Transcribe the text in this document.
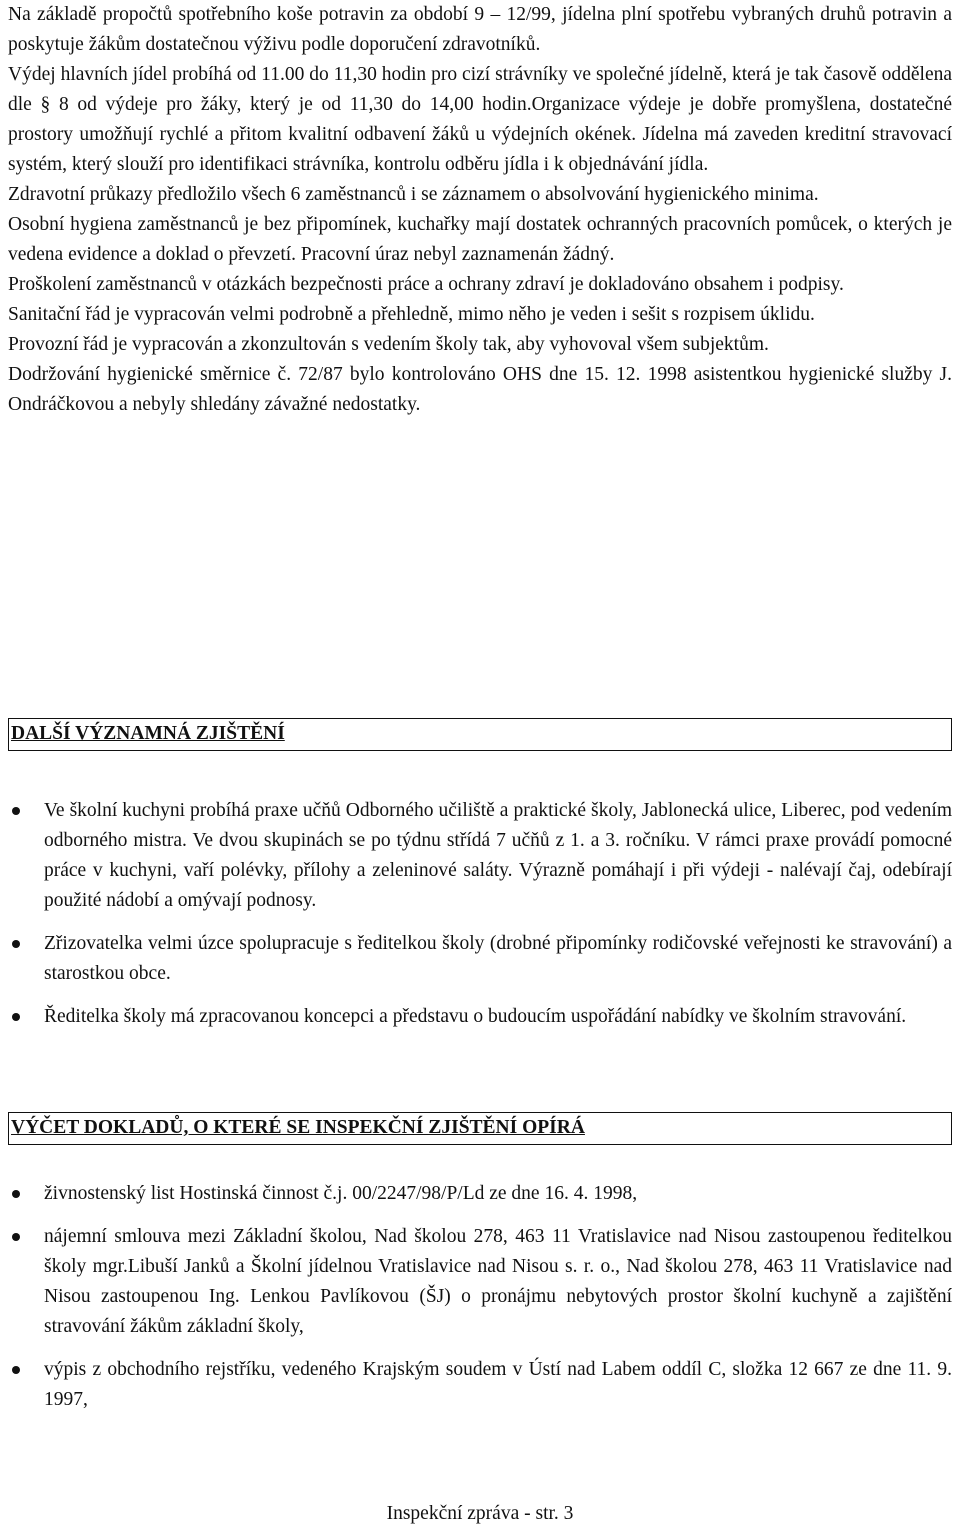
Na základě propočtů spotřebního koše potravin za období 9 – 12/99, jídelna plní spotřebu vybraných druhů potravin a poskytuje žákům dostatečnou výživu podle doporučení zdravotníků.

Výdej hlavních jídel probíhá od 11.00 do 11,30 hodin pro cizí strávníky ve společné jídelně, která je tak časově oddělena dle § 8 od výdeje pro žáky, který je od 11,30 do 14,00 hodin.Organizace výdeje je dobře promyšlena, dostatečné prostory umožňují rychlé a přitom kvalitní odbavení žáků u výdejních okének. Jídelna má zaveden kreditní stravovací systém, který slouží pro identifikaci strávníka, kontrolu odběru jídla i k objednávání jídla.

Zdravotní průkazy předložilo všech 6 zaměstnanců i se záznamem o absolvování hygienického minima.

Osobní hygiena zaměstnanců je bez připomínek, kuchařky mají dostatek ochranných pracovních pomůcek, o kterých je vedena evidence a doklad o převzetí. Pracovní úraz nebyl zaznamenán žádný.

Proškolení zaměstnanců v otázkách bezpečnosti práce a ochrany zdraví je dokladováno obsahem i podpisy.

Sanitační řád je vypracován velmi podrobně a přehledně, mimo něho je veden i sešit s rozpisem úklidu.

Provozní řád je vypracován a zkonzultován s vedením školy tak, aby vyhovoval všem subjektům.

Dodržování hygienické směrnice č. 72/87 bylo kontrolováno OHS dne 15. 12. 1998 asistentkou hygienické služby J. Ondráčkovou a nebyly shledány závažné nedostatky.

DALŠÍ VÝZNAMNÁ ZJIŠTĚNÍ
Ve školní kuchyni probíhá praxe učňů Odborného učiliště a praktické školy, Jablonecká ulice, Liberec, pod vedením odborného mistra. Ve dvou skupinách se po týdnu střídá 7 učňů z 1. a 3. ročníku. V rámci praxe provádí pomocné práce v kuchyni, vaří polévky, přílohy a zeleninové saláty. Výrazně pomáhají i při výdeji - nalévají čaj, odebírají použité nádobí a omývají podnosy.
Zřizovatelka velmi úzce spolupracuje s ředitelkou školy (drobné připomínky rodičovské veřejnosti ke stravování) a starostkou obce.
Ředitelka školy má zpracovanou koncepci a představu o budoucím uspořádání nabídky ve školním stravování.
VÝČET DOKLADŮ, O KTERÉ SE INSPEKČNÍ ZJIŠTĚNÍ OPÍRÁ
živnostenský list Hostinská činnost č.j. 00/2247/98/P/Ld ze dne 16. 4. 1998,
nájemní smlouva mezi Základní školou, Nad školou 278, 463 11 Vratislavice nad Nisou zastoupenou ředitelkou školy mgr.Libuší Janků a Školní jídelnou Vratislavice nad Nisou s. r. o., Nad školou 278, 463 11 Vratislavice nad Nisou zastoupenou Ing. Lenkou Pavlíkovou (ŠJ) o pronájmu nebytových prostor školní kuchyně a zajištění stravování žákům základní školy,
výpis z obchodního rejstříku, vedeného Krajským soudem v Ústí nad Labem oddíl C, složka 12 667 ze dne 11. 9. 1997,
Inspekční zpráva - str. 3
